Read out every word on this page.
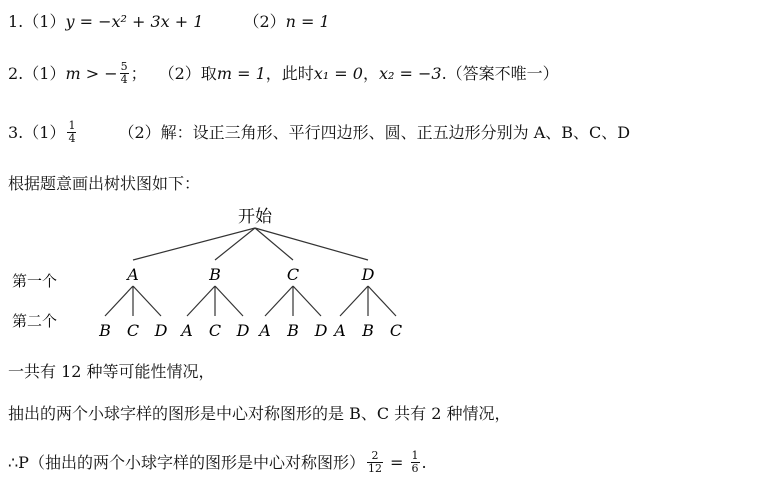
1.（1）y = −x² + 3x + 1	（2）n = 1
2.（1）m > − $\frac{5}{4}$ ； （2）取m = 1，此时x₁ = 0，x₂ = −3.（答案不唯一）
$3.(1) \frac{1}{4}$	（2）解：设正三角形、平行四边形、圆、正五边形分别为 A、B、C、D
根据题意画出树状图如下：
开始
第一个
第二个
A
B C D
B
A C D
C
A B D
D
A B C
一共有 12 种等可能性情况，
抽出的两个小球字样的图形是中心对称图形的是 B、C 共有 2 种情况，
∴P（抽出的两个小球字样的图形是中心对称图形） $\frac{2}{12} = \frac{1}{6}$ .
